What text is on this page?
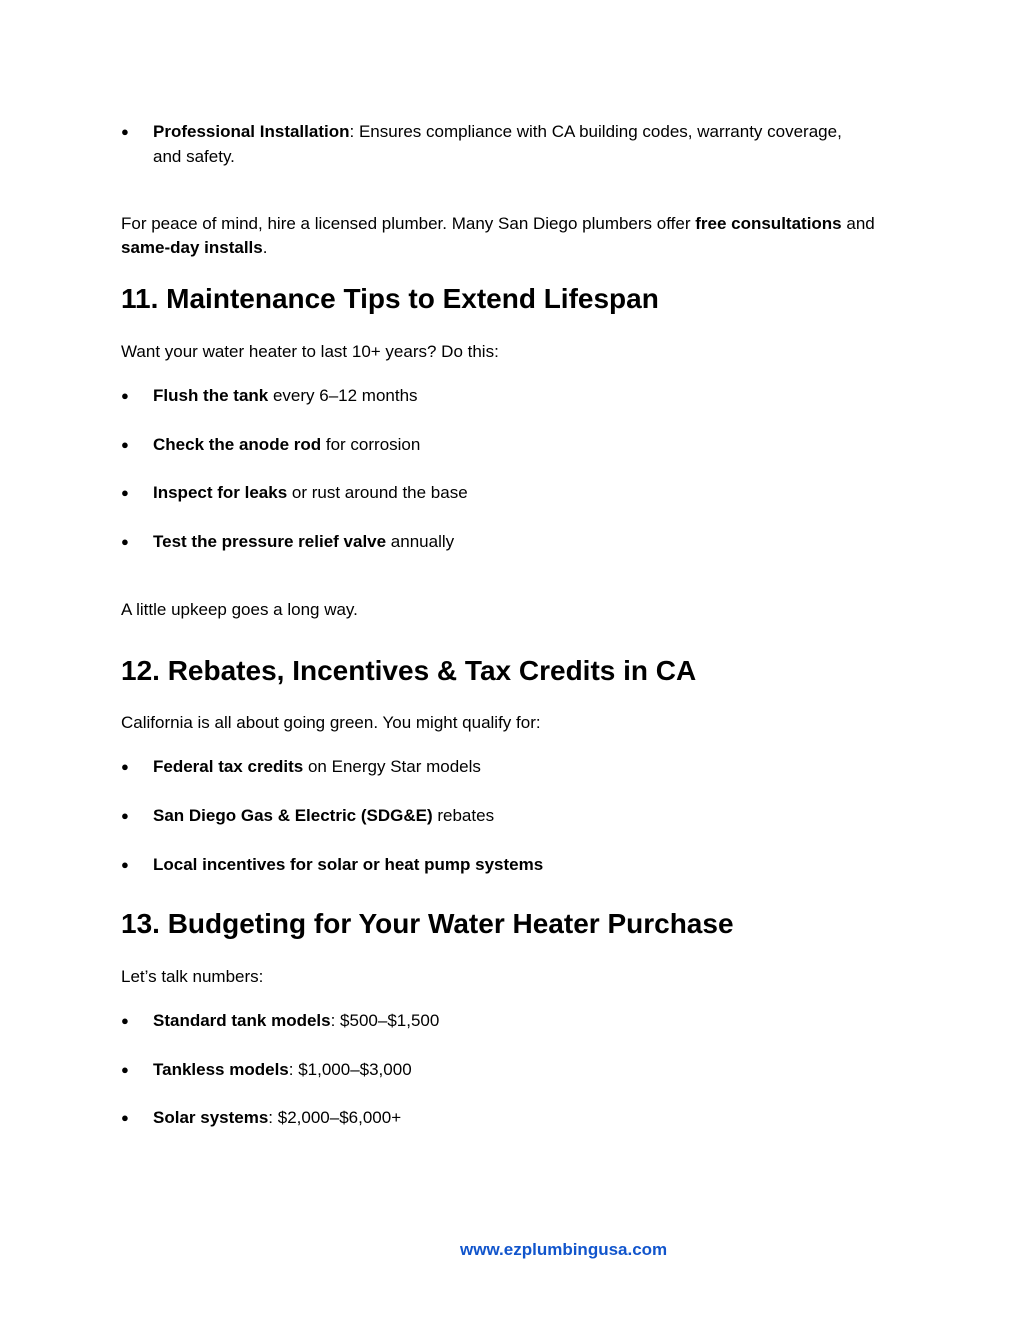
● Professional Installation: Ensures compliance with CA building codes, warranty coverage, and safety.
For peace of mind, hire a licensed plumber. Many San Diego plumbers offer free consultations and same-day installs.
11. Maintenance Tips to Extend Lifespan
Want your water heater to last 10+ years? Do this:
● Flush the tank every 6–12 months
● Check the anode rod for corrosion
● Inspect for leaks or rust around the base
● Test the pressure relief valve annually
A little upkeep goes a long way.
12. Rebates, Incentives & Tax Credits in CA
California is all about going green. You might qualify for:
● Federal tax credits on Energy Star models
● San Diego Gas & Electric (SDG&E) rebates
● Local incentives for solar or heat pump systems
13. Budgeting for Your Water Heater Purchase
Let’s talk numbers:
● Standard tank models: $500–$1,500
● Tankless models: $1,000–$3,000
● Solar systems: $2,000–$6,000+
www.ezplumbingusa.com
